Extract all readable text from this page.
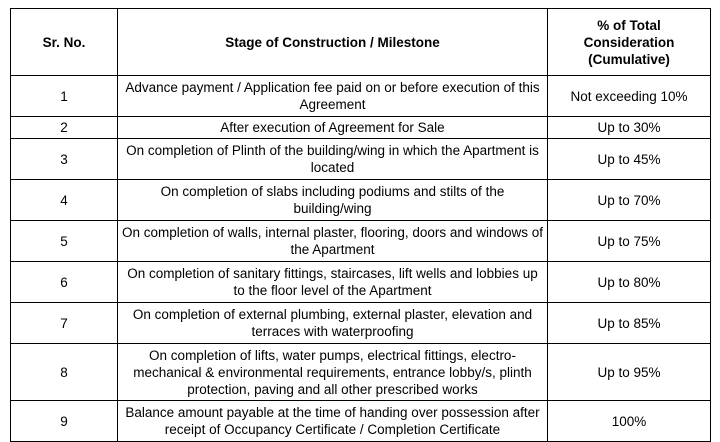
Sr. No.	Stage of Construction / Milestone	% of Total Consideration (Cumulative)

1	Advance payment / Application fee paid on or before execution of this Agreement	Not exceeding 10%
2	After execution of Agreement for Sale	Up to 30%
3	On completion of Plinth of the building/wing in which the Apartment is located	Up to 45%
4	On completion of slabs including podiums and stilts of the building/wing	Up to 70%
5	On completion of walls, internal plaster, flooring, doors and windows of the Apartment	Up to 75%
6	On completion of sanitary fittings, staircases, lift wells and lobbies up to the floor level of the Apartment	Up to 80%
7	On completion of external plumbing, external plaster, elevation and terraces with waterproofing	Up to 85%
8	On completion of lifts, water pumps, electrical fittings, electro-mechanical & environmental requirements, entrance lobby/s, plinth protection, paving and all other prescribed works	Up to 95%
9	Balance amount payable at the time of handing over possession after receipt of Occupancy Certificate / Completion Certificate	100%
